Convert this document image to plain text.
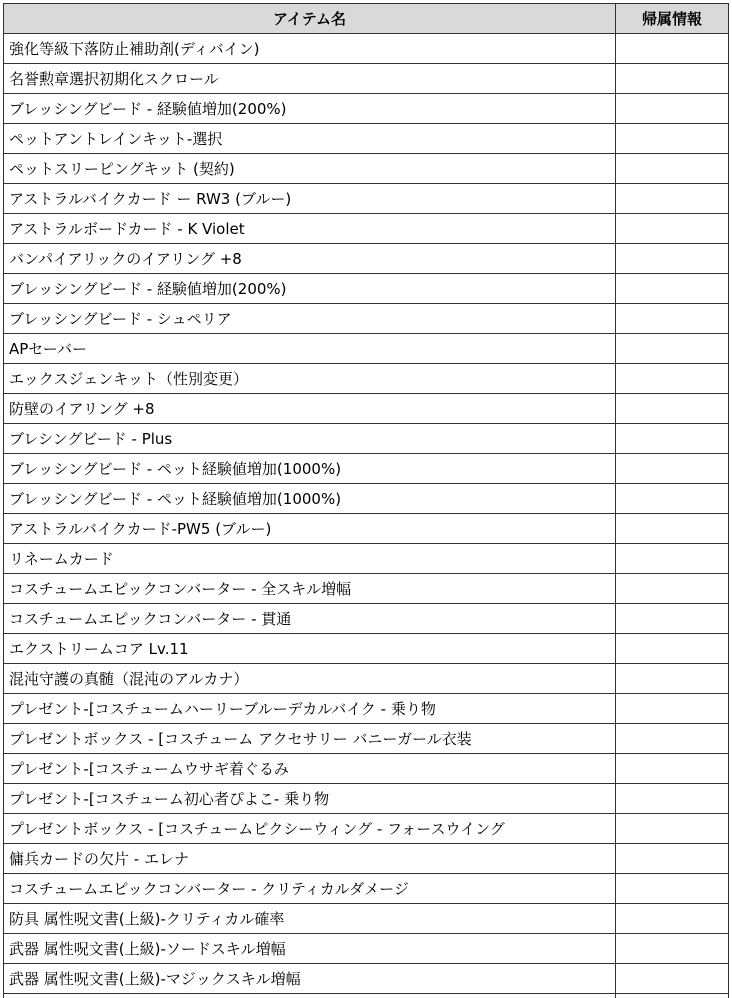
アイテム名	帰属情報
強化等級下落防止補助剤(ディバイン)	
名誉勲章選択初期化スクロール	
ブレッシングビード - 経験値増加(200%)	
ペットアントレインキット-選択	
ペットスリーピングキット (契約)	
アストラルバイクカード ー RW3 (ブルー)	
アストラルボードカード - K Violet	
バンパイアリックのイアリング +8	
ブレッシングビード - 経験値増加(200%)	
ブレッシングビード - シュペリア	
APセーバー	
エックスジェンキット（性別変更）	
防壁のイアリング +8	
ブレシングビード - Plus	
ブレッシングビード - ペット経験値増加(1000%)	
ブレッシングビード - ペット経験値増加(1000%)	
アストラルバイクカード-PW5 (ブルー)	
リネームカード	
コスチュームエピックコンバーター - 全スキル増幅	
コスチュームエピックコンバーター - 貫通	
エクストリームコア Lv.11	
混沌守護の真髄（混沌のアルカナ）	
プレゼント-[コスチュームハーリーブルーデカルバイク - 乗り物	
プレゼントボックス - [コスチューム アクセサリー バニーガール衣装	
プレゼント-[コスチュームウサギ着ぐるみ	
プレゼント-[コスチューム初心者ぴよこ- 乗り物	
プレゼントボックス - [コスチュームピクシーウィング - フォースウイング	
傭兵カードの欠片 - エレナ	
コスチュームエピックコンバーター - クリティカルダメージ	
防具 属性呪文書(上級)-クリティカル確率	
武器 属性呪文書(上級)-ソードスキル増幅	
武器 属性呪文書(上級)-マジックスキル増幅	
